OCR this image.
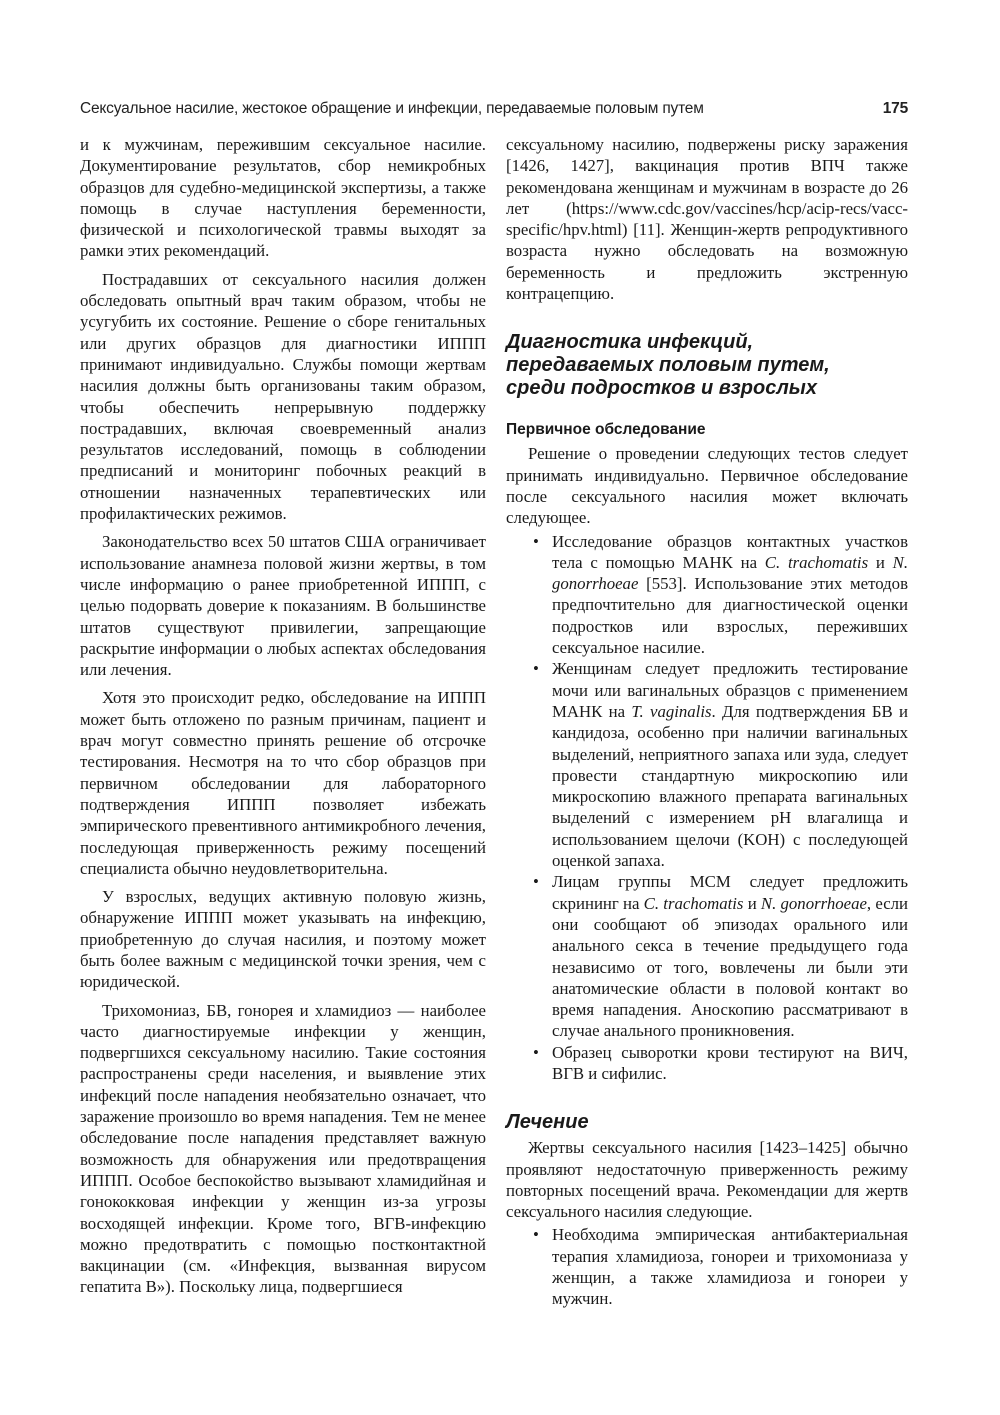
Сексуальное насилие, жестокое обращение и инфекции, передаваемые половым путем	175

и к мужчинам, пережившим сексуальное насилие. Документирование результатов, сбор немикробных образцов для судебно-медицинской экспертизы, а также помощь в случае наступления беременности, физической и психологической травмы выходят за рамки этих рекомендаций.

Пострадавших от сексуального насилия должен обследовать опытный врач таким образом, чтобы не усугубить их состояние. Решение о сборе генитальных или других образцов для диагностики ИППП принимают индивидуально. Службы помощи жертвам насилия должны быть организованы таким образом, чтобы обеспечить непрерывную поддержку пострадавших, включая своевременный анализ результатов исследований, помощь в соблюдении предписаний и мониторинг побочных реакций в отношении назначенных терапевтических или профилактических режимов.

Законодательство всех 50 штатов США ограничивает использование анамнеза половой жизни жертвы, в том числе информацию о ранее приобретенной ИППП, с целью подорвать доверие к показаниям. В большинстве штатов существуют привилегии, запрещающие раскрытие информации о любых аспектах обследования или лечения.

Хотя это происходит редко, обследование на ИППП может быть отложено по разным причинам, пациент и врач могут совместно принять решение об отсрочке тестирования. Несмотря на то что сбор образцов при первичном обследовании для лабораторного подтверждения ИППП позволяет избежать эмпирического превентивного антимикробного лечения, последующая приверженность режиму посещений специалиста обычно неудовлетворительна.

У взрослых, ведущих активную половую жизнь, обнаружение ИППП может указывать на инфекцию, приобретенную до случая насилия, и поэтому может быть более важным с медицинской точки зрения, чем с юридической.

Трихомониаз, БВ, гонорея и хламидиоз — наиболее часто диагностируемые инфекции у женщин, подвергшихся сексуальному насилию. Такие состояния распространены среди населения, и выявление этих инфекций после нападения необязательно означает, что заражение произошло во время нападения. Тем не менее обследование после нападения представляет важную возможность для обнаружения или предотвращения ИППП. Особое беспокойство вызывают хламидийная и гонококковая инфекции у женщин из-за угрозы восходящей инфекции. Кроме того, ВГВ-инфекцию можно предотвратить с помощью постконтактной вакцинации (см. «Инфекция, вызванная вирусом гепатита В»). Поскольку лица, подвергшиеся

сексуальному насилию, подвержены риску заражения [1426, 1427], вакцинация против ВПЧ также рекомендована женщинам и мужчинам в возрасте до 26 лет (https://www.cdc.gov/vaccines/hcp/acip-recs/vacc-specific/hpv.html) [11]. Женщин-жертв репродуктивного возраста нужно обследовать на возможную беременность и предложить экстренную контрацепцию.

Диагностика инфекций,
передаваемых половым путем,
среди подростков и взрослых
Первичное обследование

Решение о проведении следующих тестов следует принимать индивидуально. Первичное обследование после сексуального насилия может включать следующее.

• Исследование образцов контактных участков тела с помощью МАНК на C. trachomatis и N. gonorrhoeae [553]. Использование этих методов предпочтительно для диагностической оценки подростков или взрослых, переживших сексуальное насилие.
• Женщинам следует предложить тестирование мочи или вагинальных образцов с применением МАНК на T. vaginalis. Для подтверждения БВ и кандидоза, особенно при наличии вагинальных выделений, неприятного запаха или зуда, следует провести стандартную микроскопию или микроскопию влажного препарата вагинальных выделений с измерением рН влагалища и использованием щелочи (KOH) с последующей оценкой запаха.
• Лицам группы МСМ следует предложить скрининг на C. trachomatis и N. gonorrhoeae, если они сообщают об эпизодах орального или анального секса в течение предыдущего года независимо от того, вовлечены ли были эти анатомические области в половой контакт во время нападения. Аноскопию рассматривают в случае анального проникновения.
• Образец сыворотки крови тестируют на ВИЧ, ВГВ и сифилис.
Лечение

Жертвы сексуального насилия [1423–1425] обычно проявляют недостаточную приверженность режиму повторных посещений врача. Рекомендации для жертв сексуального насилия следующие.

• Необходима эмпирическая антибактериальная терапия хламидиоза, гонореи и трихомониаза у женщин, а также хламидиоза и гонореи у мужчин.
